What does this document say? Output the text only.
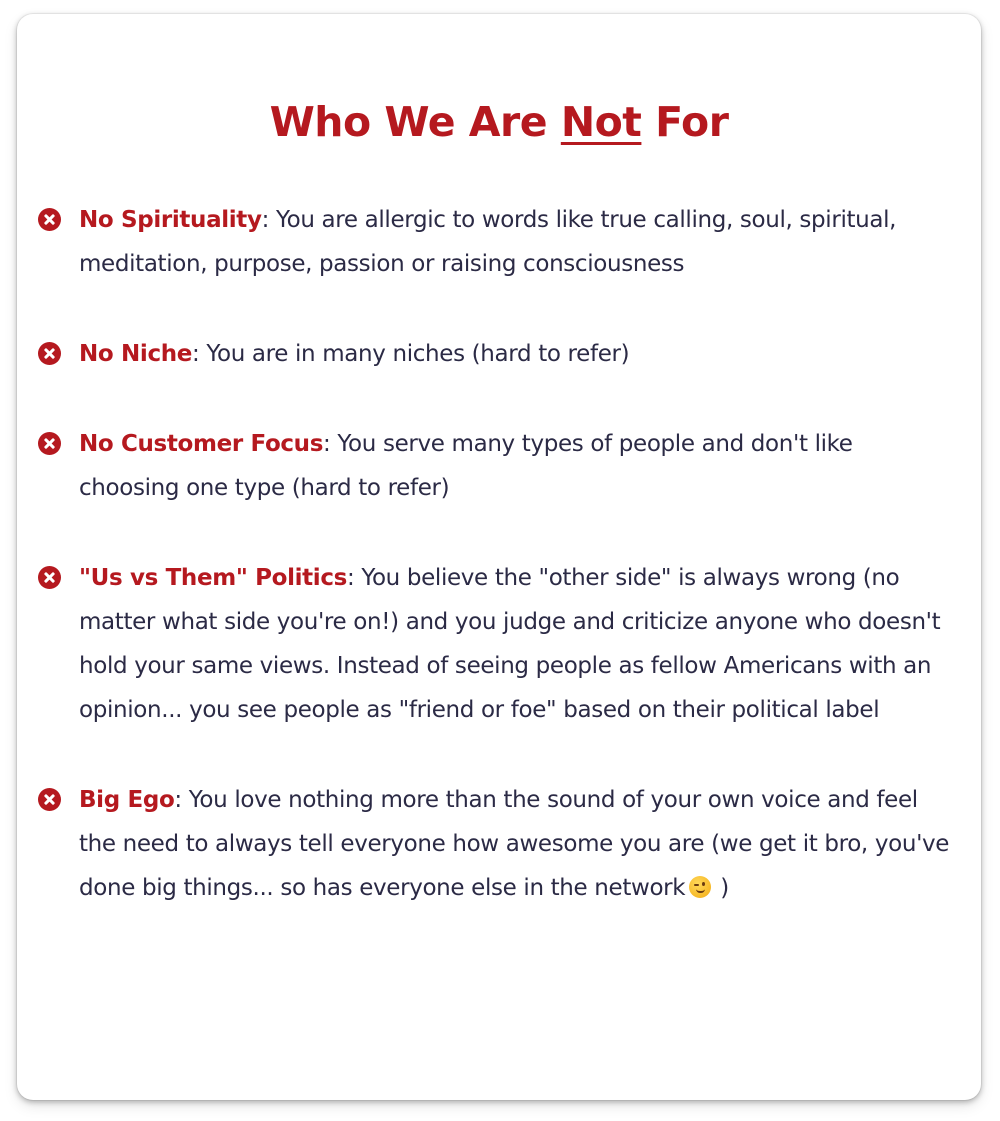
Who We Are Not For
No Spirituality: You are allergic to words like true calling, soul, spiritual, meditation, purpose, passion or raising consciousness
No Niche: You are in many niches (hard to refer)
No Customer Focus: You serve many types of people and don't like choosing one type (hard to refer)
"Us vs Them" Politics: You believe the "other side" is always wrong (no matter what side you're on!) and you judge and criticize anyone who doesn't hold your same views. Instead of seeing people as fellow Americans with an opinion... you see people as "friend or foe" based on their political label
Big Ego: You love nothing more than the sound of your own voice and feel the need to always tell everyone how awesome you are (we get it bro, you've done big things... so has everyone else in the network
)
